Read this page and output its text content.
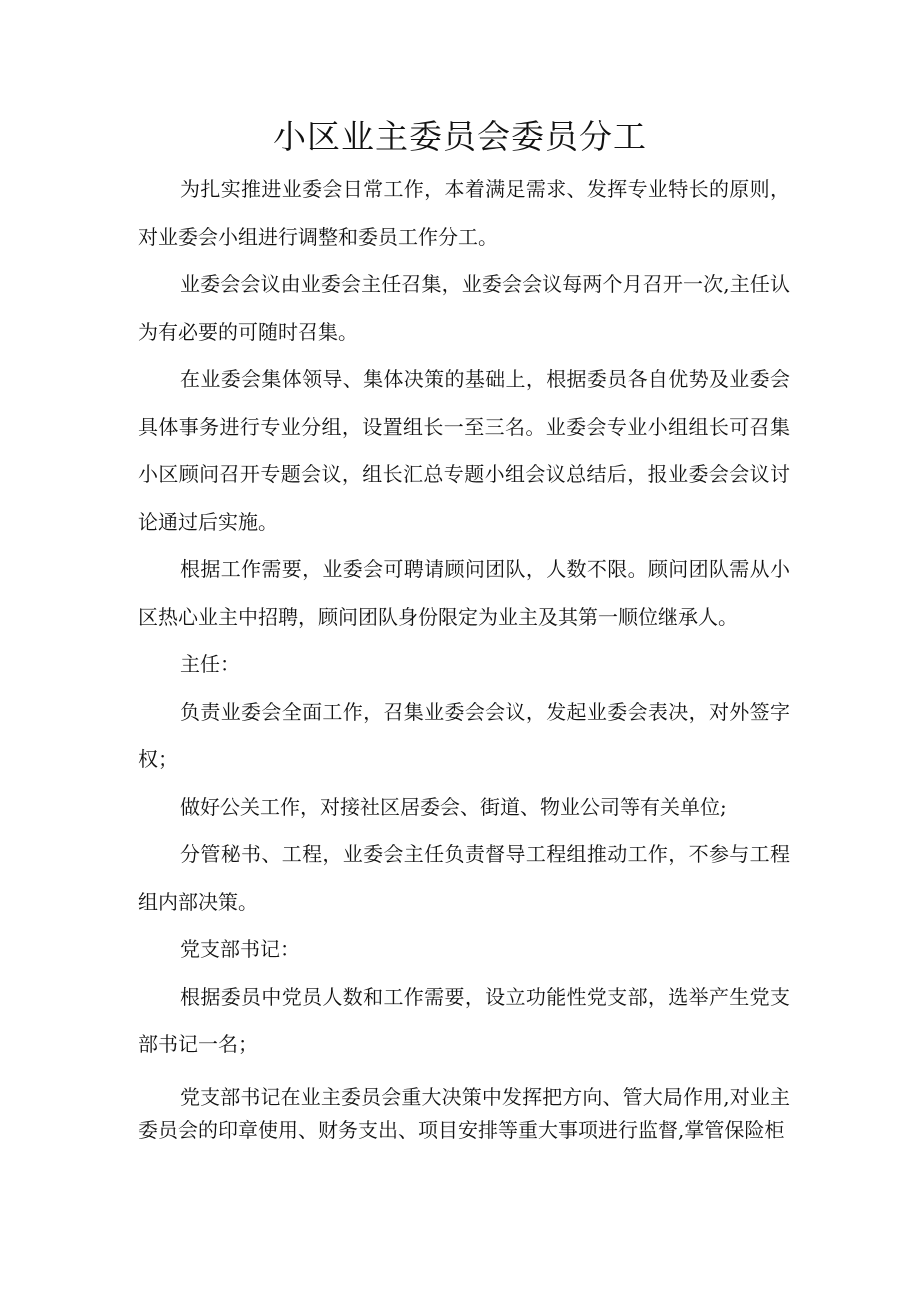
小区业主委员会委员分工

为扎实推进业委会日常工作，本着满足需求、发挥专业特长的原则，对业委会小组进行调整和委员工作分工。

业委会会议由业委会主任召集，业委会会议每两个月召开一次,主任认为有必要的可随时召集。

在业委会集体领导、集体决策的基础上，根据委员各自优势及业委会具体事务进行专业分组，设置组长一至三名。业委会专业小组组长可召集小区顾问召开专题会议，组长汇总专题小组会议总结后，报业委会会议讨论通过后实施。

根据工作需要，业委会可聘请顾问团队，人数不限。顾问团队需从小区热心业主中招聘，顾问团队身份限定为业主及其第一顺位继承人。

主任：

负责业委会全面工作，召集业委会会议，发起业委会表决，对外签字权；

做好公关工作，对接社区居委会、街道、物业公司等有关单位;

分管秘书、工程，业委会主任负责督导工程组推动工作，不参与工程组内部决策。

党支部书记：

根据委员中党员人数和工作需要，设立功能性党支部，选举产生党支部书记一名；

党支部书记在业主委员会重大决策中发挥把方向、管大局作用,对业主委员会的印章使用、财务支出、项目安排等重大事项进行监督,掌管保险柜
